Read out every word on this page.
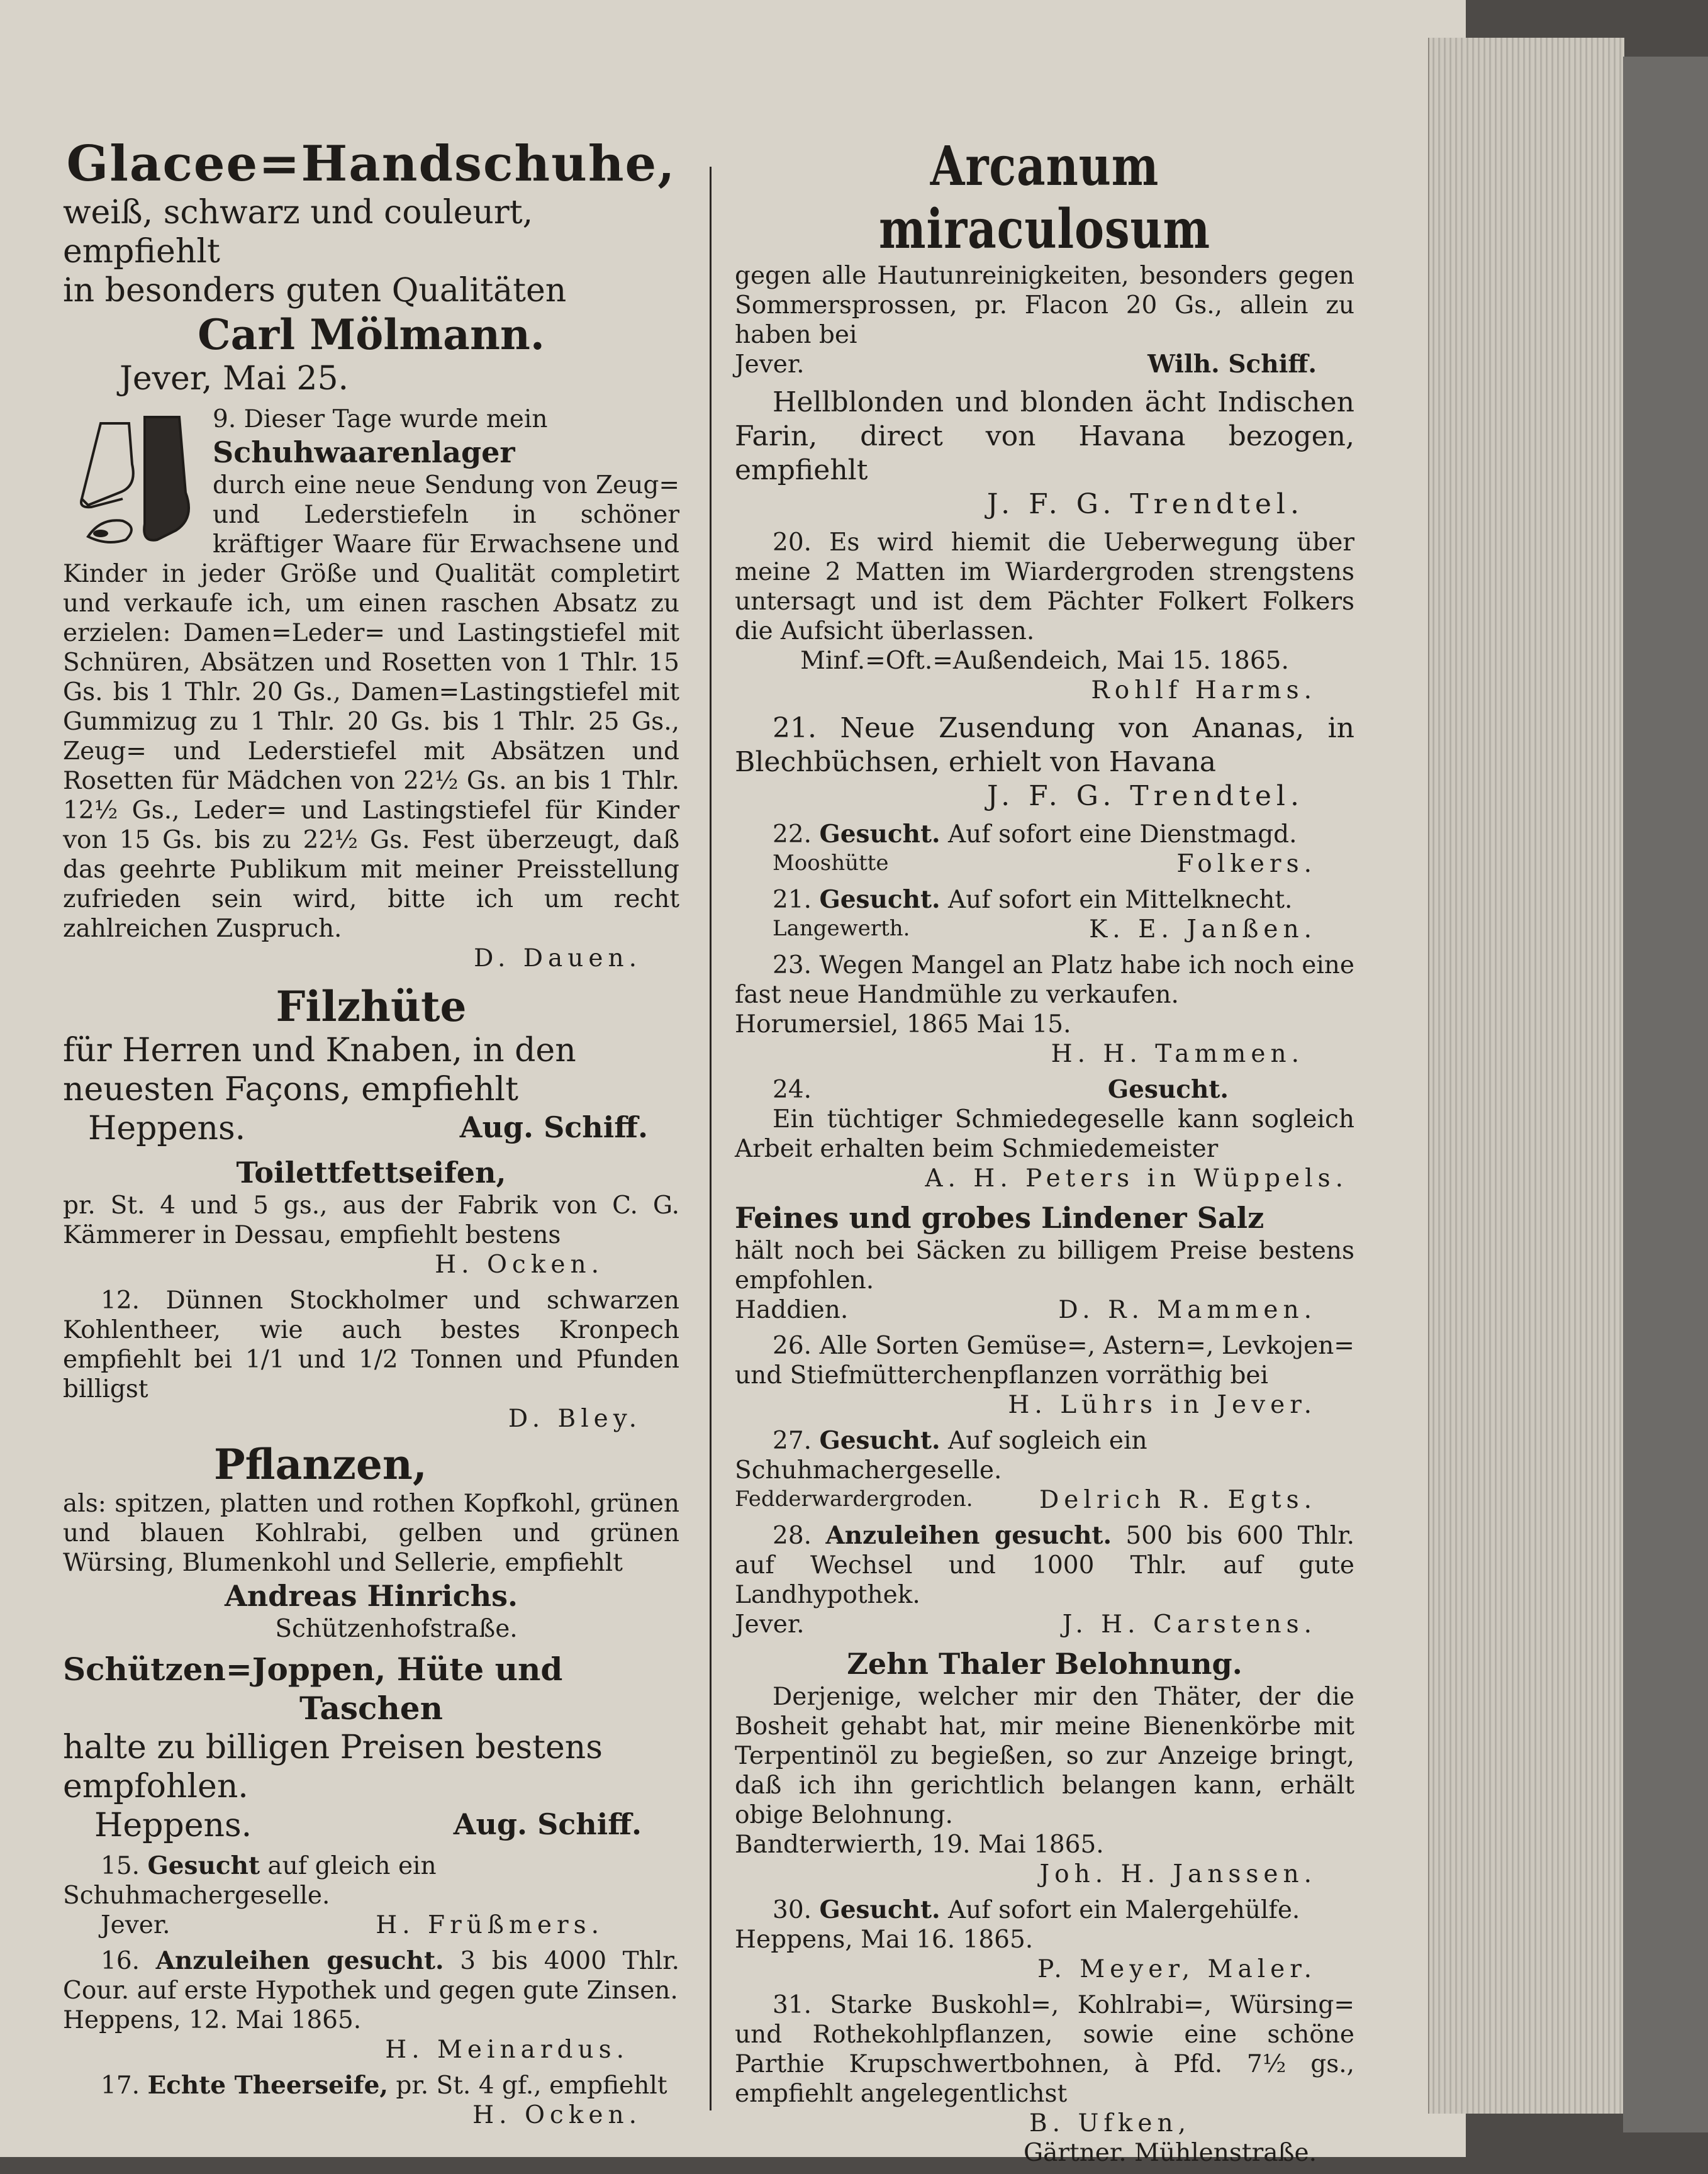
Glacee=Handschuhe,
weiß, schwarz und couleurt, empfiehlt
in besonders guten Qualitäten
Carl Mölmann.
Jever, Mai 25.
9. Dieser Tage wurde mein
Schuhwaarenlager
durch eine neue Sendung von Zeug= und Lederstiefeln in schöner kräftiger Waare für Erwachsene und Kinder in jeder Größe und Qualität completirt und verkaufe ich, um einen raschen Absatz zu erzielen: Damen=Leder= und Lastingstiefel mit Schnüren, Absätzen und Rosetten von 1 Thlr. 15 Gs. bis 1 Thlr. 20 Gs., Damen=Lastingstiefel mit Gummizug zu 1 Thlr. 20 Gs. bis 1 Thlr. 25 Gs., Zeug= und Lederstiefel mit Absätzen und Rosetten für Mädchen von 22½ Gs. an bis 1 Thlr. 12½ Gs., Leder= und Lastingstiefel für Kinder von 15 Gs. bis zu 22½ Gs. Fest überzeugt, daß das geehrte Publikum mit meiner Preisstellung zufrieden sein wird, bitte ich um recht zahlreichen Zuspruch.
D. Dauen.
Filzhüte
für Herren und Knaben, in den
neuesten Façons, empfiehlt
Heppens.	Aug. Schiff.
Toilettfettseifen,
pr. St. 4 und 5 gs., aus der Fabrik von C. G. Kämmerer in Dessau, empfiehlt bestens
H. Ocken.
12. Dünnen Stockholmer und schwarzen Kohlentheer, wie auch bestes Kronpech empfiehlt bei 1/1 und 1/2 Tonnen und Pfunden billigst
D. Bley.
Pflanzen,
als: spitzen, platten und rothen Kopfkohl, grünen und blauen Kohlrabi, gelben und grünen Würsing, Blumenkohl und Sellerie, empfiehlt
Andreas Hinrichs.
Schützenhofstraße.
Schützen=Joppen, Hüte und
Taschen
halte zu billigen Preisen bestens
empfohlen.
Heppens.	Aug. Schiff.
15. Gesucht auf gleich ein Schuhmachergeselle.
Jever.	H. Früßmers.
16. Anzuleihen gesucht. 3 bis 4000 Thlr. Cour. auf erste Hypothek und gegen gute Zinsen.
Heppens, 12. Mai 1865.
H. Meinardus.
17. Echte Theerseife, pr. St. 4 gf., empfiehlt
H. Ocken.
Arcanum miraculosum
gegen alle Hautunreinigkeiten, besonders gegen Sommersprossen, pr. Flacon 20 Gs., allein zu haben bei
Jever.	Wilh. Schiff.
Hellblonden und blonden ächt Indischen Farin, direct von Havana bezogen, empfiehlt
J. F. G. Trendtel.
20. Es wird hiemit die Ueberwegung über meine 2 Matten im Wiardergroden strengstens untersagt und ist dem Pächter Folkert Folkers die Aufsicht überlassen.
Minf.=Oft.=Außendeich, Mai 15. 1865.
Rohlf Harms.
21. Neue Zusendung von Ananas, in Blechbüchsen, erhielt von Havana
J. F. G. Trendtel.
22. Gesucht. Auf sofort eine Dienstmagd.
Mooshütte	Folkers.
21. Gesucht. Auf sofort ein Mittelknecht.
Langewerth.	K. E. Janßen.
23. Wegen Mangel an Platz habe ich noch eine fast neue Handmühle zu verkaufen.
Horumersiel, 1865 Mai 15.
H. H. Tammen.
24.	Gesucht.
Ein tüchtiger Schmiedegeselle kann sogleich Arbeit erhalten beim Schmiedemeister
A. H. Peters in Wüppels.
Feines und grobes Lindener Salz
hält noch bei Säcken zu billigem Preise bestens empfohlen.
Haddien.	D. R. Mammen.
26. Alle Sorten Gemüse=, Astern=, Levkojen= und Stiefmütterchenpflanzen vorräthig bei
H. Lührs in Jever.
27. Gesucht. Auf sogleich ein Schuhmachergeselle.
Fedderwardergroden.	Delrich R. Egts.
28. Anzuleihen gesucht. 500 bis 600 Thlr. auf Wechsel und 1000 Thlr. auf gute Landhypothek.
Jever.	J. H. Carstens.
Zehn Thaler Belohnung.
Derjenige, welcher mir den Thäter, der die Bosheit gehabt hat, mir meine Bienenkörbe mit Terpentinöl zu begießen, so zur Anzeige bringt, daß ich ihn gerichtlich belangen kann, erhält obige Belohnung.
Bandterwierth, 19. Mai 1865.
Joh. H. Janssen.
30. Gesucht. Auf sofort ein Malergehülfe.
Heppens, Mai 16. 1865.
P. Meyer, Maler.
31. Starke Buskohl=, Kohlrabi=, Würsing= und Rothekohlpflanzen, sowie eine schöne Parthie Krupschwertbohnen, à Pfd. 7½ gs., empfiehlt angelegentlichst
B. Ufken,
Gärtner. Mühlenstraße.
